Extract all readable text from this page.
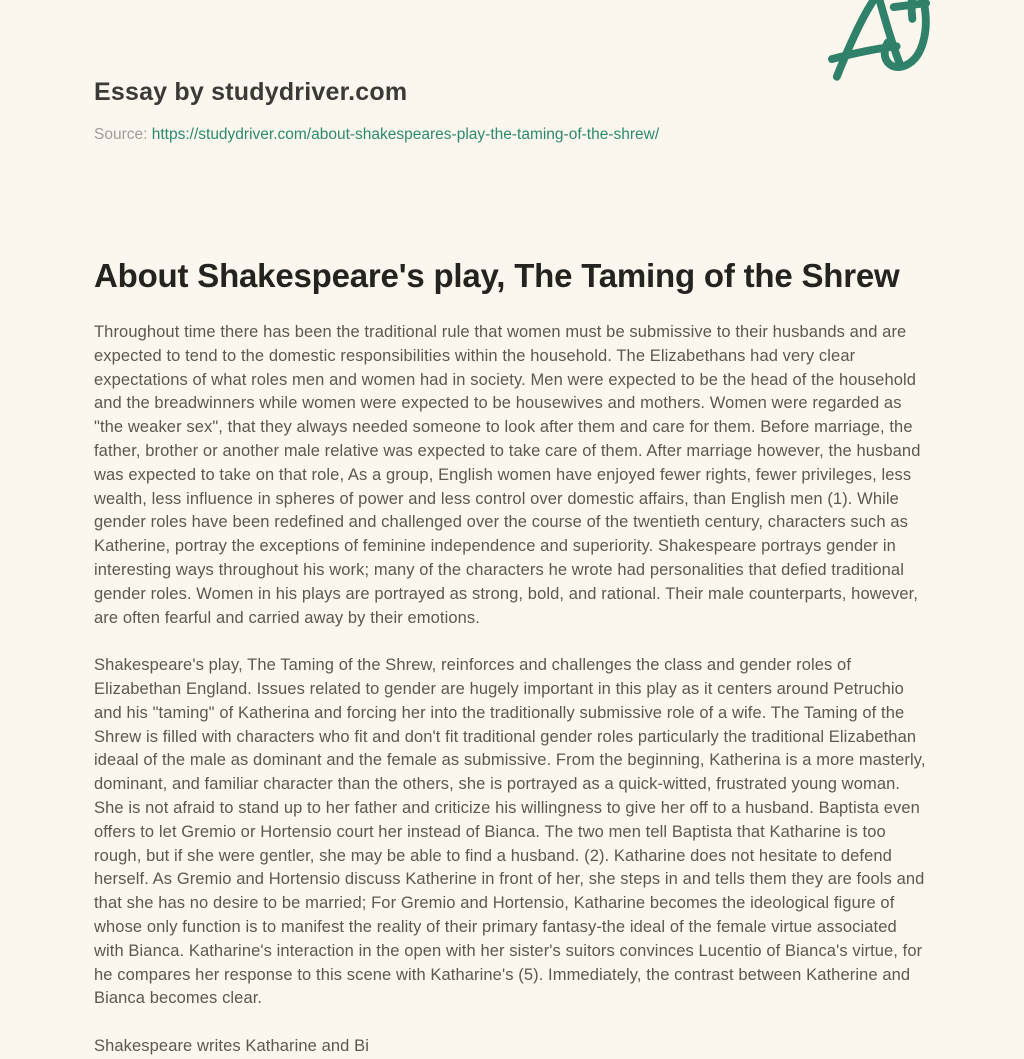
Essay by studydriver.com
Source: https://studydriver.com/about-shakespeares-play-the-taming-of-the-shrew/
About Shakespeare's play, The Taming of the Shrew

Throughout time there has been the traditional rule that women must be submissive to their husbands and are expected to tend to the domestic responsibilities within the household. The Elizabethans had very clear expectations of what roles men and women had in society. Men were expected to be the head of the household and the breadwinners while women were expected to be housewives and mothers. Women were regarded as "the weaker sex", that they always needed someone to look after them and care for them. Before marriage, the father, brother or another male relative was expected to take care of them. After marriage however, the husband was expected to take on that role, As a group, English women have enjoyed fewer rights, fewer privileges, less wealth, less influence in spheres of power and less control over domestic affairs, than English men (1). While gender roles have been redefined and challenged over the course of the twentieth century, characters such as Katherine, portray the exceptions of feminine independence and superiority. Shakespeare portrays gender in interesting ways throughout his work; many of the characters he wrote had personalities that defied traditional gender roles. Women in his plays are portrayed as strong, bold, and rational. Their male counterparts, however, are often fearful and carried away by their emotions.

Shakespeare's play, The Taming of the Shrew, reinforces and challenges the class and gender roles of Elizabethan England. Issues related to gender are hugely important in this play as it centers around Petruchio and his "taming" of Katherina and forcing her into the traditionally submissive role of a wife. The Taming of the Shrew is filled with characters who fit and don't fit traditional gender roles particularly the traditional Elizabethan ideaal of the male as dominant and the female as submissive. From the beginning, Katherina is a more masterly, dominant, and familiar character than the others, she is portrayed as a quick-witted, frustrated young woman. She is not afraid to stand up to her father and criticize his willingness to give her off to a husband. Baptista even offers to let Gremio or Hortensio court her instead of Bianca. The two men tell Baptista that Katharine is too rough, but if she were gentler, she may be able to find a husband. (2). Katharine does not hesitate to defend herself. As Gremio and Hortensio discuss Katherine in front of her, she steps in and tells them they are fools and that she has no desire to be married; For Gremio and Hortensio, Katharine becomes the ideological figure of whose only function is to manifest the reality of their primary fantasy-the ideal of the female virtue associated with Bianca. Katharine's interaction in the open with her sister's suitors convinces Lucentio of Bianca's virtue, for he compares her response to this scene with Katharine's (5). Immediately, the contrast between Katherine and Bianca becomes clear.

Shakespeare writes Katharine and Bi
